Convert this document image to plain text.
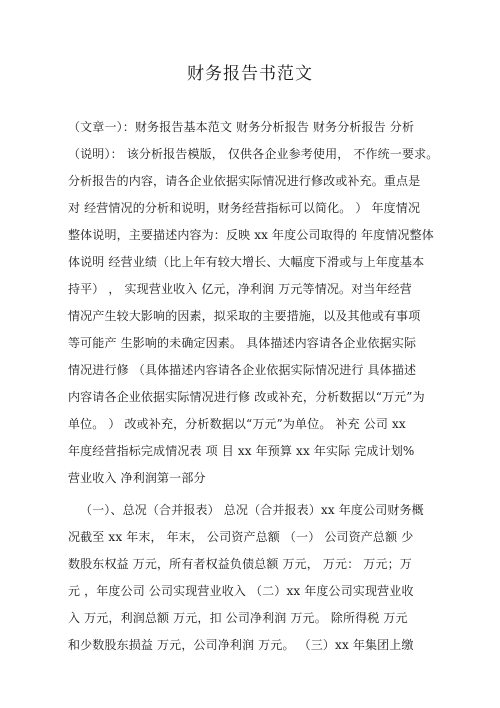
财务报告书范文
（文章一）：财务报告基本范文 财务分析报告 财务分析报告 分析
（说明）： 该分析报告模版， 仅供各企业参考使用， 不作统一要求。
分析报告的内容，请各企业依据实际情况进行修改或补充。重点是
对 经营情况的分析和说明，财务经营指标可以简化。 ） 年度情况
整体说明，主要描述内容为：反映 xx 年度公司取得的 年度情况整体
体说明 经营业绩（比上年有较大增长、大幅度下滑或与上年度基本
持平） ， 实现营业收入 亿元，净利润 万元等情况。对当年经营
情况产生较大影响的因素，拟采取的主要措施，以及其他或有事项
等可能产 生影响的未确定因素。 具体描述内容请各企业依据实际
情况进行修 （具体描述内容请各企业依据实际情况进行 具体描述
内容请各企业依据实际情况进行修 改或补充，分析数据以“万元”为
单位。 ） 改或补充，分析数据以“万元”为单位。 补充 公司 xx
年度经营指标完成情况表 项 目 xx 年预算 xx 年实际 完成计划%
营业收入 净利润第一部分
（一）、总况（合并报表） 总况（合并报表）xx 年度公司财务概
况截至 xx 年末， 年末， 公司资产总额 （一） 公司资产总额 少
数股东权益 万元，所有者权益负债总额 万元， 万元： 万元；万
元 ，年度公司 公司实现营业收入 （二）xx 年度公司实现营业收
入 万元，利润总额 万元，扣 公司净利润 万元。 除所得税 万元
和少数股东损益 万元，公司净利润 万元。 （三）xx 年集团上缴
